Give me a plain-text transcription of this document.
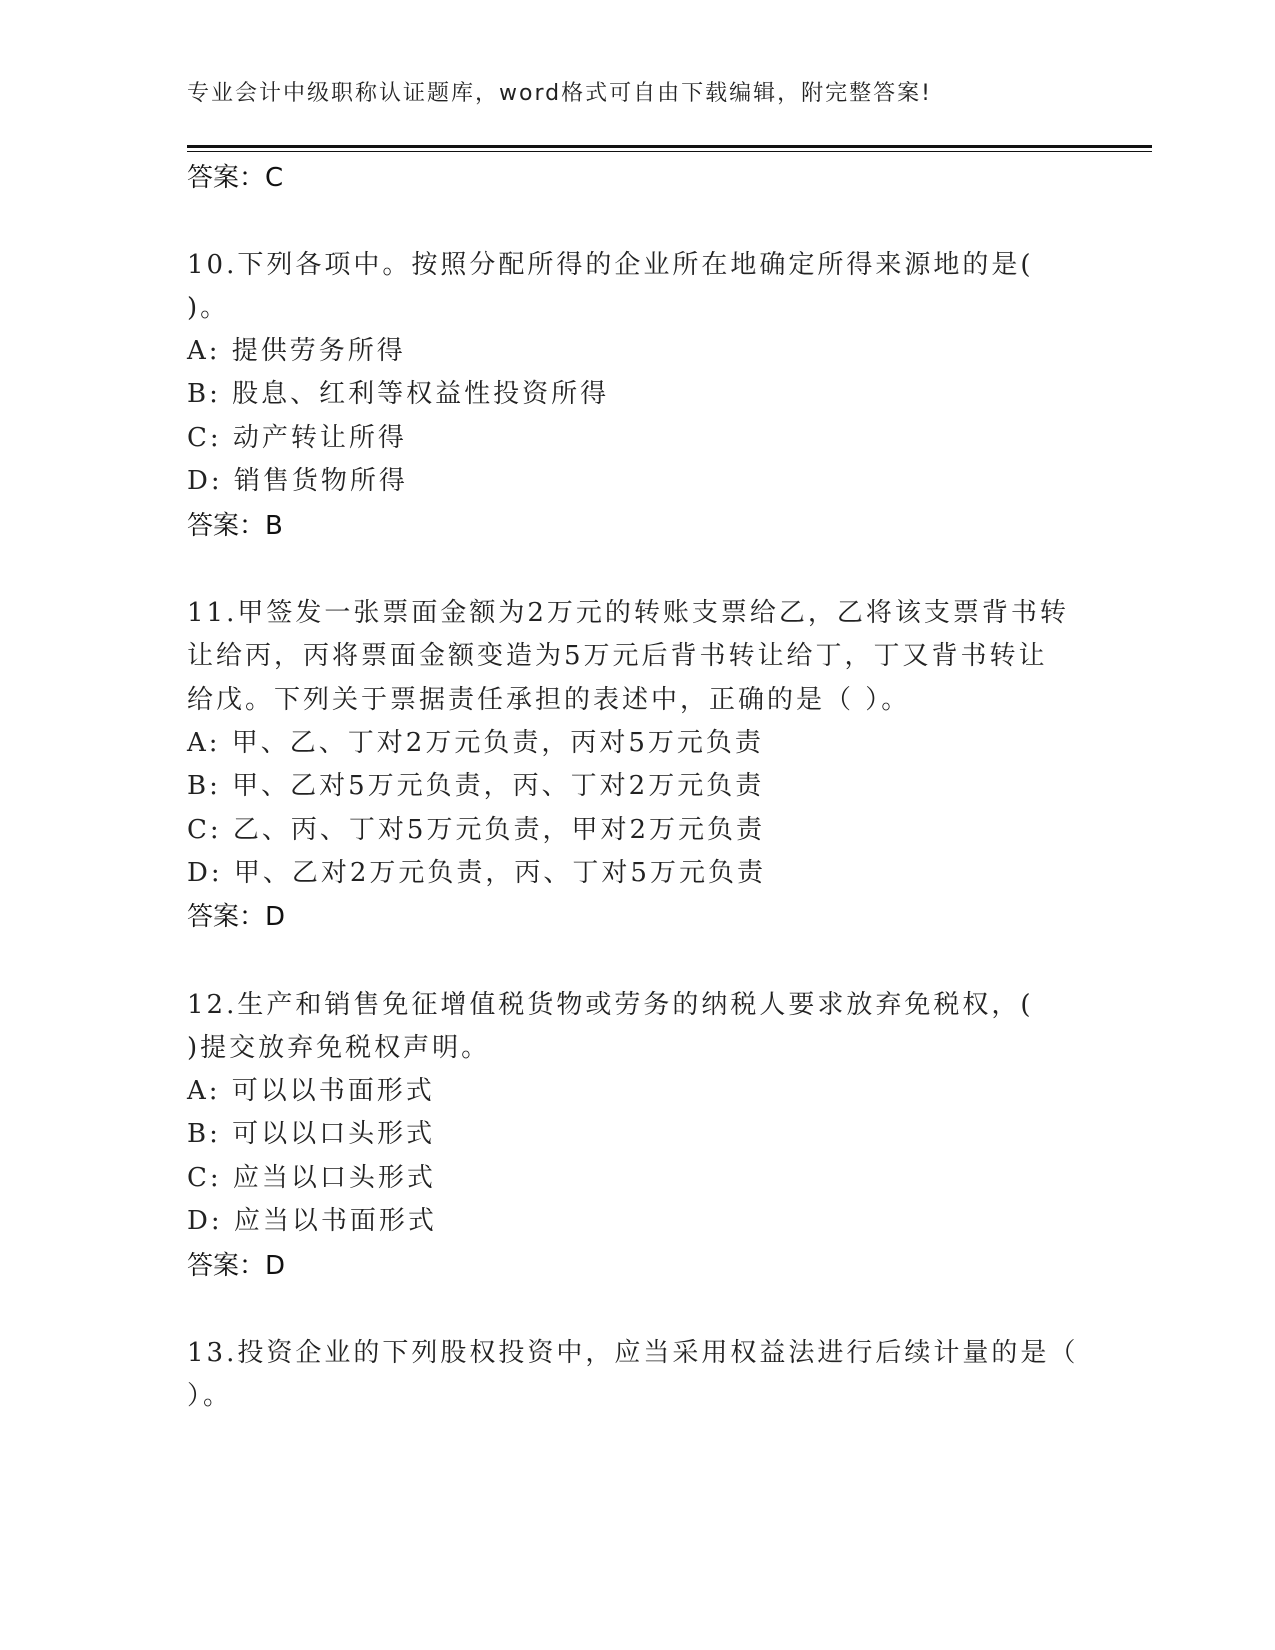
专业会计中级职称认证题库，word格式可自由下载编辑，附完整答案!
答案：C
10.下列各项中。按照分配所得的企业所在地确定所得来源地的是(
)。
A: 提供劳务所得
B: 股息、红利等权益性投资所得
C: 动产转让所得
D: 销售货物所得
答案：B
11.甲签发一张票面金额为2万元的转账支票给乙，乙将该支票背书转
让给丙，丙将票面金额变造为5万元后背书转让给丁，丁又背书转让
给戊。下列关于票据责任承担的表述中，正确的是（ ）。
A: 甲、乙、丁对2万元负责，丙对5万元负责
B: 甲、乙对5万元负责，丙、丁对2万元负责
C: 乙、丙、丁对5万元负责，甲对2万元负责
D: 甲、乙对2万元负责，丙、丁对5万元负责
答案：D
12.生产和销售免征增值税货物或劳务的纳税人要求放弃免税权，(
)提交放弃免税权声明。
A: 可以以书面形式
B: 可以以口头形式
C: 应当以口头形式
D: 应当以书面形式
答案：D
13.投资企业的下列股权投资中，应当采用权益法进行后续计量的是（
）。
